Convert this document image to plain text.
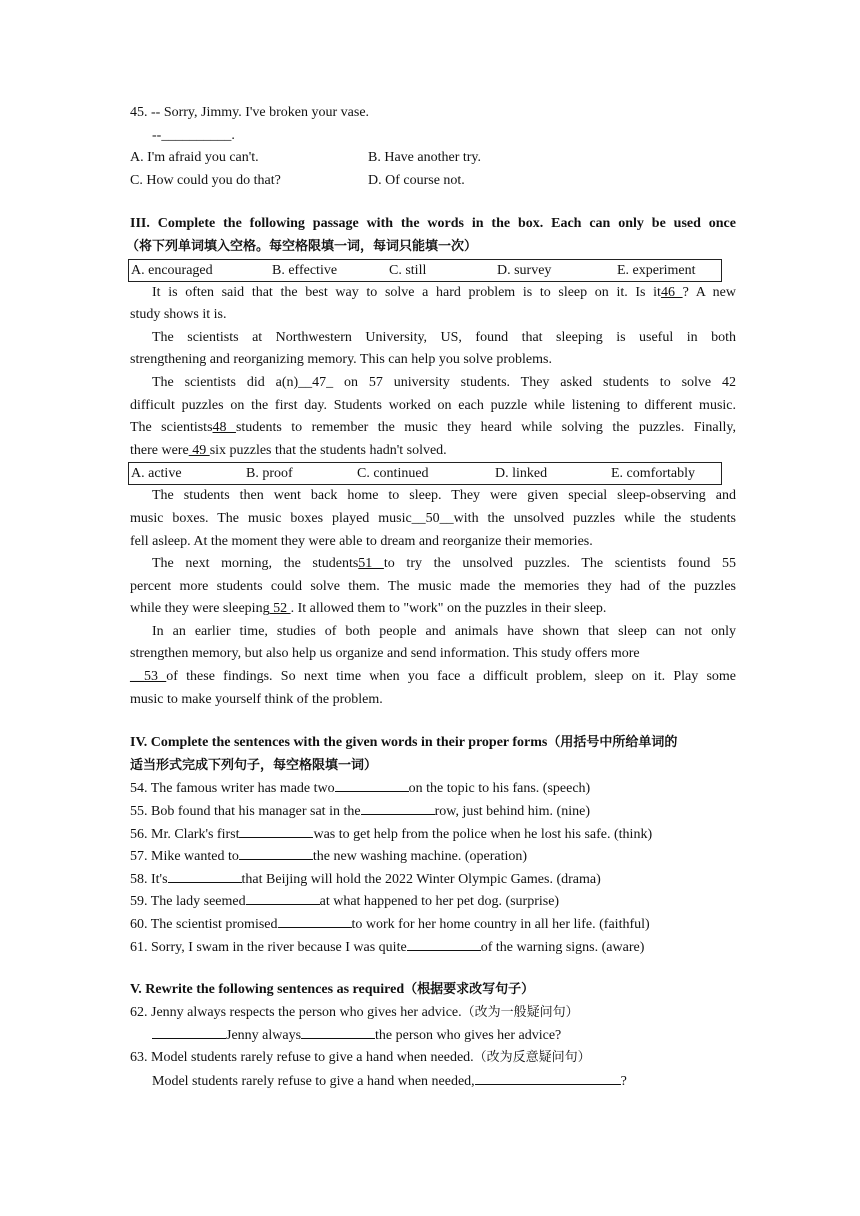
45. -- Sorry, Jimmy. I've broken your vase.
--__________.
A. I'm afraid you can't.	B. Have another try.
C. How could you do that?	D. Of course not.
III. Complete the following passage with the words in the box. Each can only be used once
（将下列单词填入空格。每空格限填一词，每词只能填一次）
A. encouraged	B. effective	C. still	D. survey	E. experiment
It is often said that the best way to solve a hard problem is to sleep on it. Is it46 ? A new
study shows it is.
The scientists at Northwestern University, US, found that sleeping is useful in both
strengthening and reorganizing memory. This can help you solve problems.
The scientists did a(n)__47_ on 57 university students. They asked students to solve 42
difficult puzzles on the first day. Students worked on each puzzle while listening to different music.
The scientists48 students to remember the music they heard while solving the puzzles. Finally,
there were 49 six puzzles that the students hadn't solved.
A. active	B. proof	C. continued	D. linked	E. comfortably
The students then went back home to sleep. They were given special sleep-observing and
music boxes. The music boxes played music__50__with the unsolved puzzles while the students
fell asleep. At the moment they were able to dream and reorganize their memories.
The next morning, the students51 to try the unsolved puzzles. The scientists found 55
percent more students could solve them. The music made the memories they had of the puzzles
while they were sleeping 52 . It allowed them to "work" on the puzzles in their sleep.
In an earlier time, studies of both people and animals have shown that sleep can not only
strengthen memory, but also help us organize and send information. This study offers more
__53 of these findings. So next time when you face a difficult problem, sleep on it. Play some
music to make yourself think of the problem.
IV. Complete the sentences with the given words in their proper forms（用括号中所给单词的
适当形式完成下列句子，每空格限填一词）
54. The famous writer has made two	on the topic to his fans. (speech)
55. Bob found that his manager sat in the	row, just behind him. (nine)
56. Mr. Clark's first	was to get help from the police when he lost his safe. (think)
57. Mike wanted to	the new washing machine. (operation)
58. It's	that Beijing will hold the 2022 Winter Olympic Games. (drama)
59. The lady seemed	at what happened to her pet dog. (surprise)
60. The scientist promised	to work for her home country in all her life. (faithful)
61. Sorry, I swam in the river because I was quite	of the warning signs. (aware)
V. Rewrite the following sentences as required（根据要求改写句子）
62. Jenny always respects the person who gives her advice.（改为一般疑问句）
Jenny always	the person who gives her advice?
63. Model students rarely refuse to give a hand when needed.（改为反意疑问句）
Model students rarely refuse to give a hand when needed,	?
